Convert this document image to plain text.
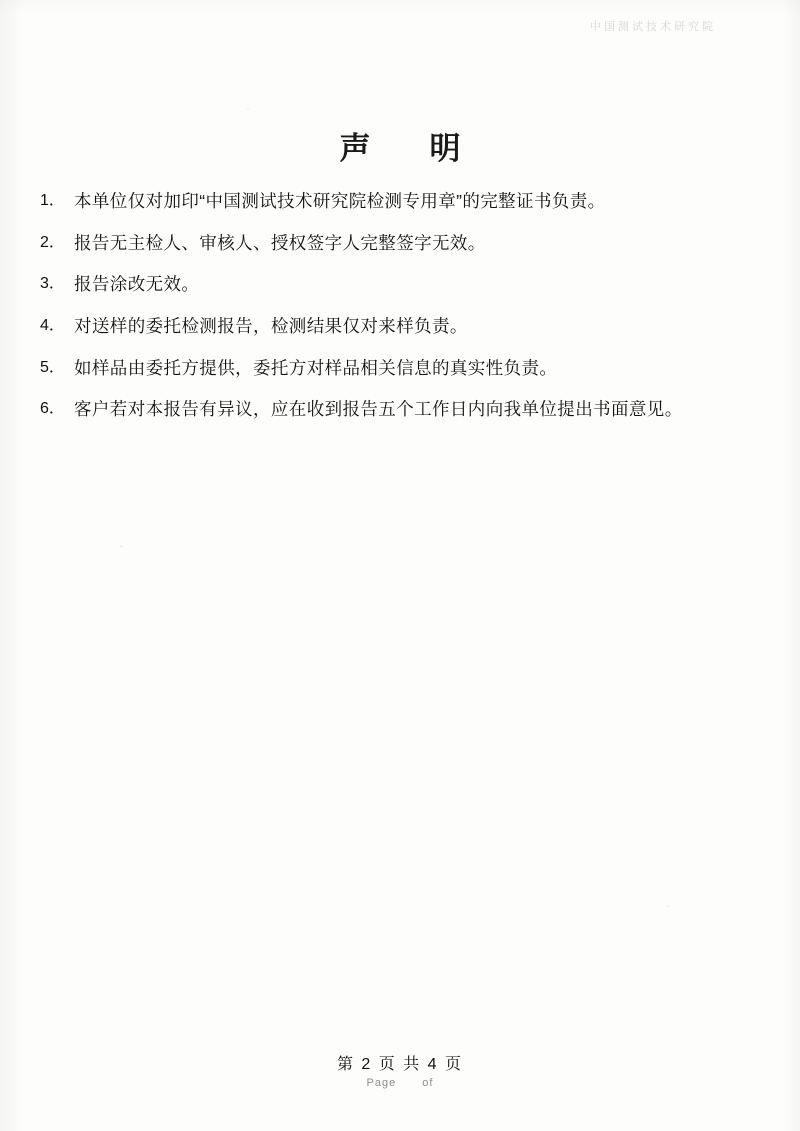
中国测试技术研究院
声　明
1． 本单位仅对加印“中国测试技术研究院检测专用章”的完整证书负责。
2． 报告无主检人、审核人、授权签字人完整签字无效。
3． 报告涂改无效。
4． 对送样的委托检测报告，检测结果仅对来样负责。
5． 如样品由委托方提供，委托方对样品相关信息的真实性负责。
6． 客户若对本报告有异议，应在收到报告五个工作日内向我单位提出书面意见。
第 2 页 共 4 页
Page of
